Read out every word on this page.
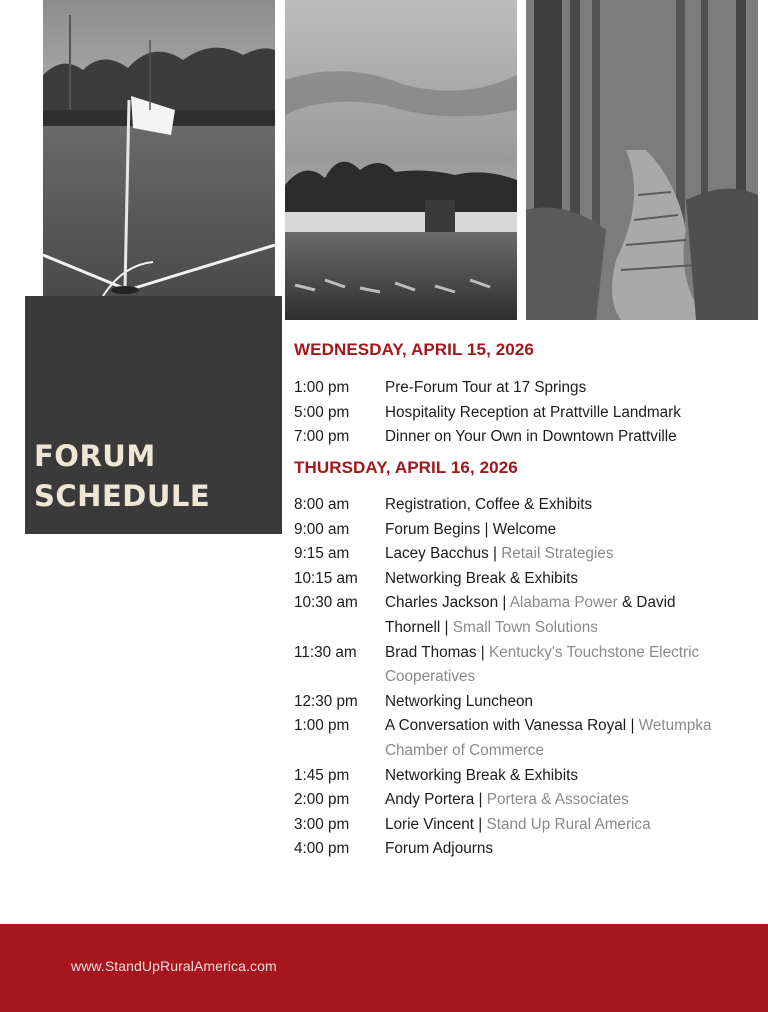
FORUM
SCHEDULE
WEDNESDAY, APRIL 15, 2026
1:00 pm	Pre-Forum Tour at 17 Springs
5:00 pm	Hospitality Reception at Prattville Landmark
7:00 pm	Dinner on Your Own in Downtown Prattville
THURSDAY, APRIL 16, 2026
8:00 am	Registration, Coffee & Exhibits
9:00 am	Forum Begins | Welcome
9:15 am	Lacey Bacchus | Retail Strategies
10:15 am	Networking Break & Exhibits
10:30 am	Charles Jackson | Alabama Power & David
Thornell | Small Town Solutions
11:30 am	Brad Thomas | Kentucky's Touchstone Electric
Cooperatives
12:30 pm	Networking Luncheon
1:00 pm	A Conversation with Vanessa Royal | Wetumpka
Chamber of Commerce
1:45 pm	Networking Break & Exhibits
2:00 pm	Andy Portera | Portera & Associates
3:00 pm	Lorie Vincent | Stand Up Rural America
4:00 pm	Forum Adjourns
www.StandUpRuralAmerica.com
